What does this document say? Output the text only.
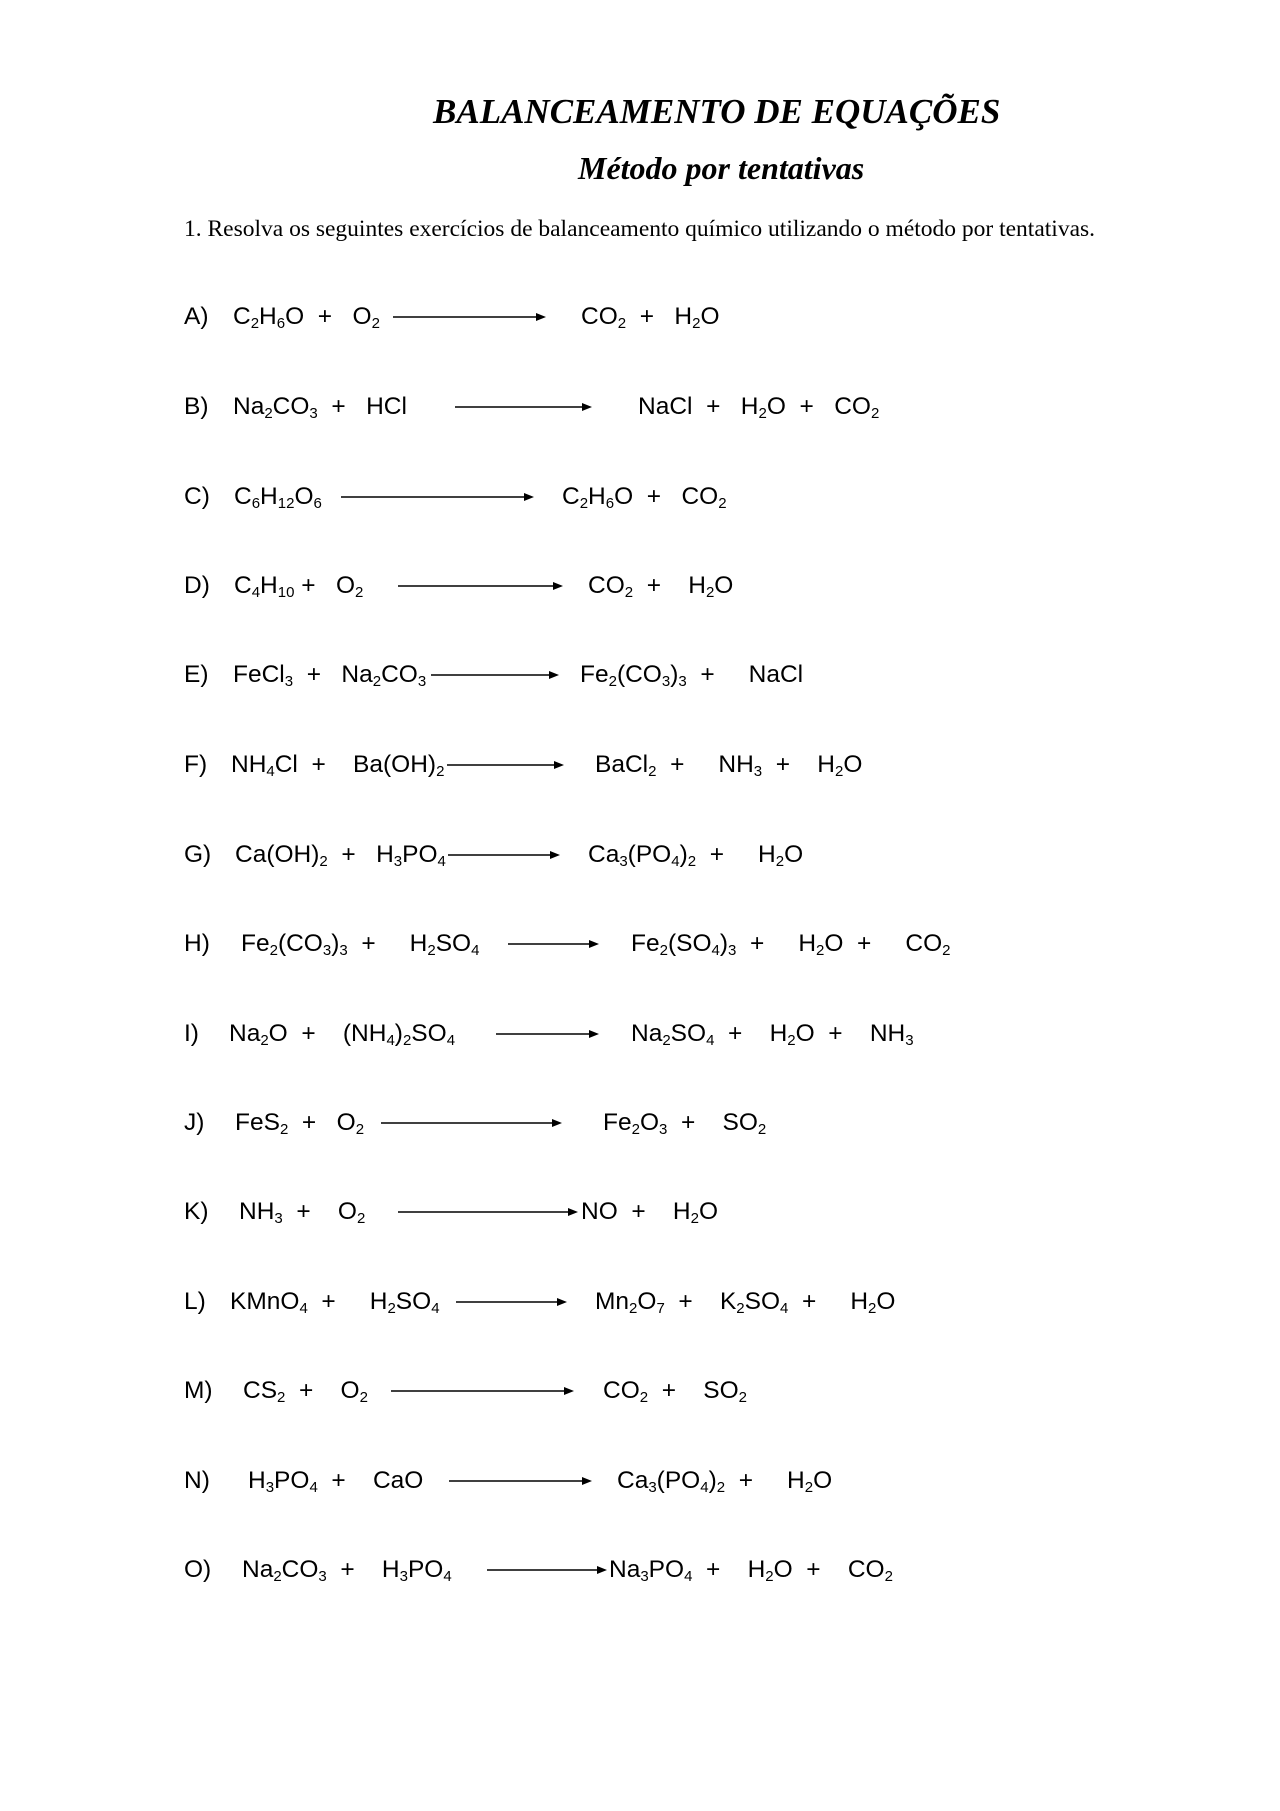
BALANCEAMENTO DE EQUAÇÕES
Método por tentativas

1. Resolva os seguintes exercícios de balanceamento químico utilizando o método por tentativas.

A) $C_2H_6O + O_2$	$CO_2 + H_2O$
B) $Na_2CO_3$  +   HCl	NaCl  +   $H_2O + CO_2$
C) $C_6H_{12}O_6$	$C_2H_6O + CO_2$
D) $C_4H_{10} + O_2$	$CO_2$  +    $H_2O$
E) FeCl$_3$  +   $Na_2CO_3$	$Fe_2(CO_3)_3$  +     NaCl
F) $NH_4Cl$  +    $Ba(OH)_2$	BaCl$_2$  +     $NH_3$  +    $H_2O$
G) $Ca(OH)_2 + H_3PO_4$	$Ca_3(PO_4)_2$  +     $H_2O$
H) $Fe_2(CO_3)_3$  +     $H_2SO_4$	$Fe_2(SO_4)_3$  +     $H_2O$  +     $CO_2$
I) $Na_2O$  +    $(NH_4)_2SO_4$	$Na_2SO_4$  +    $H_2O$  +    $NH_3$
J) $FeS_2 + O_2$	$Fe_2O_3$  +    $SO_2$
K) $NH_3$  +    $O_2$	NO  +    $H_2O$
L) KMnO$_4$  +     $H_2SO_4$	$Mn_2O_7$  +    $K_2SO_4$  +     $H_2O$
M) $CS_2$  +    $O_2$	$CO_2$  +    $SO_2$
N) $H_3PO_4$  +    CaO	$Ca_3(PO_4)_2$  +     $H_2O$
O) $Na_2CO_3$  +    $H_3PO_4$	$Na_3PO_4$  +    $H_2O$  +    $CO_2$
